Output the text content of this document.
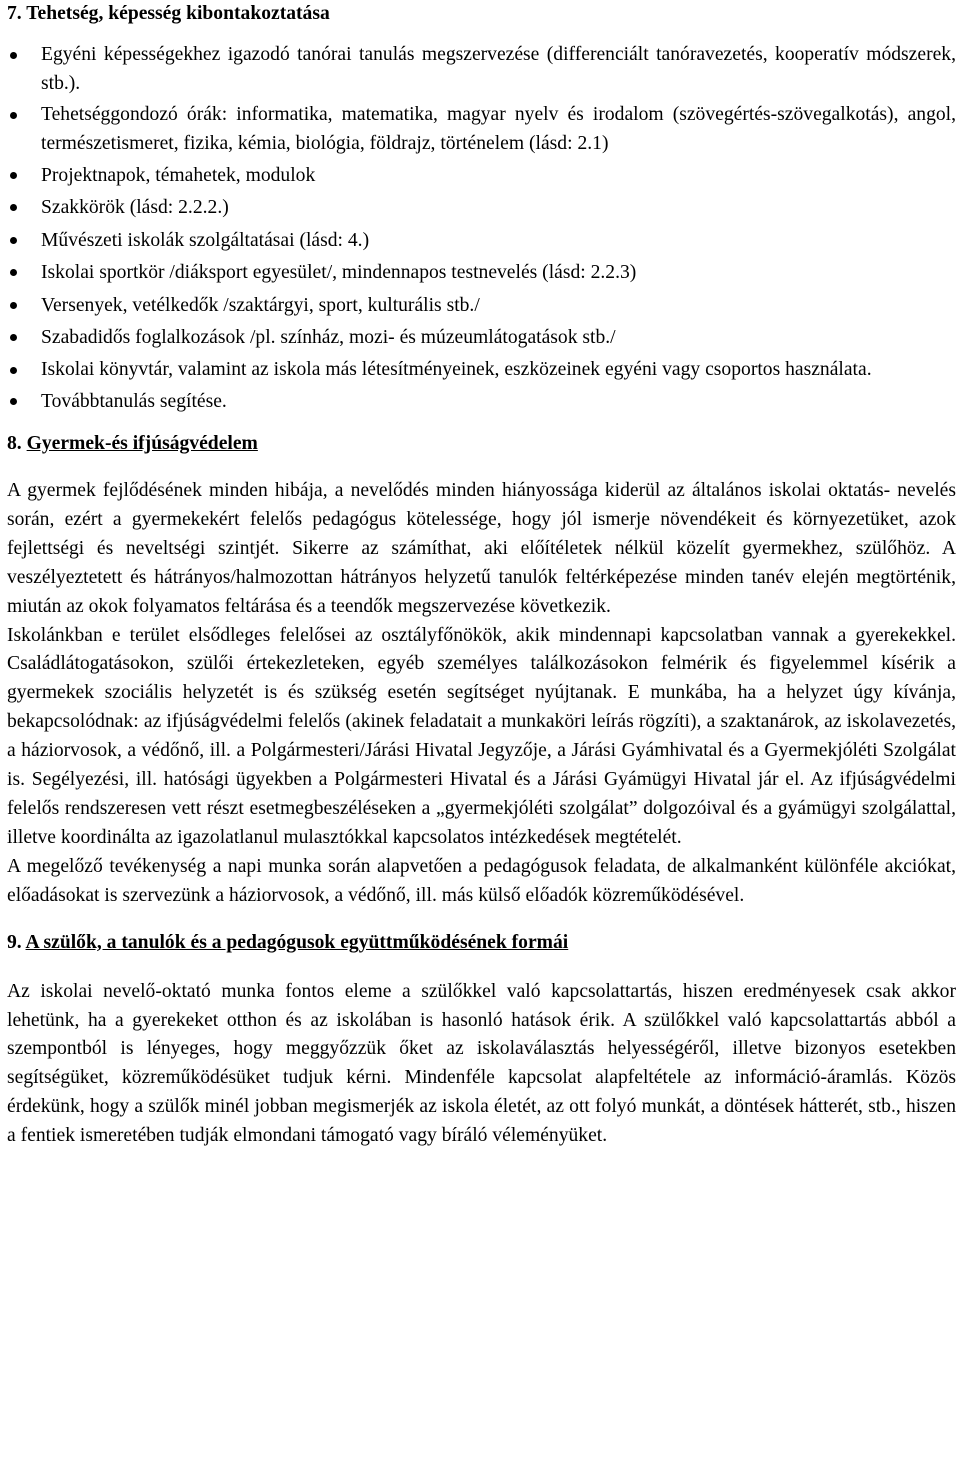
7. Tehetség, képesség kibontakoztatása
Egyéni képességekhez igazodó tanórai tanulás megszervezése (differenciált tanóravezetés, kooperatív módszerek, stb.).
Tehetséggondozó órák: informatika, matematika, magyar nyelv és irodalom (szövegértés-szövegalkotás), angol, természetismeret, fizika, kémia, biológia, földrajz, történelem (lásd: 2.1)
Projektnapok, témahetek, modulok
Szakkörök (lásd: 2.2.2.)
Művészeti iskolák szolgáltatásai (lásd: 4.)
Iskolai sportkör /diáksport egyesület/, mindennapos testnevelés (lásd: 2.2.3)
Versenyek, vetélkedők /szaktárgyi, sport, kulturális stb./
Szabadidős foglalkozások /pl. színház, mozi- és múzeumlátogatások stb./
Iskolai könyvtár, valamint az iskola más létesítményeinek, eszközeinek egyéni vagy csoportos használata.
Továbbtanulás segítése.
8. Gyermek-és ifjúságvédelem

A gyermek fejlődésének minden hibája, a nevelődés minden hiányossága kiderül az általános iskolai oktatás- nevelés során, ezért a gyermekekért felelős pedagógus kötelessége, hogy jól ismerje növendékeit és környezetüket, azok fejlettségi és neveltségi szintjét. Sikerre az számíthat, aki előítéletek nélkül közelít gyermekhez, szülőhöz. A veszélyeztetett és hátrányos/halmozottan hátrányos helyzetű tanulók feltérképezése minden tanév elején megtörténik, miután az okok folyamatos feltárása és a teendők megszervezése következik.

Iskolánkban e terület elsődleges felelősei az osztályfőnökök, akik mindennapi kapcsolatban vannak a gyerekekkel. Családlátogatásokon, szülői értekezleteken, egyéb személyes találkozásokon felmérik és figyelemmel kísérik a gyermekek szociális helyzetét is és szükség esetén segítséget nyújtanak. E munkába, ha a helyzet úgy kívánja, bekapcsolódnak: az ifjúságvédelmi felelős (akinek feladatait a munkaköri leírás rögzíti), a szaktanárok, az iskolavezetés, a háziorvosok, a védőnő, ill. a Polgármesteri/Járási Hivatal Jegyzője, a Járási Gyámhivatal és a Gyermekjóléti Szolgálat is. Segélyezési, ill. hatósági ügyekben a Polgármesteri Hivatal és a Járási Gyámügyi Hivatal jár el. Az ifjúságvédelmi felelős rendszeresen vett részt esetmegbeszéléseken a „gyermekjóléti szolgálat” dolgozóival és a gyámügyi szolgálattal, illetve koordinálta az igazolatlanul mulasztókkal kapcsolatos intézkedések megtételét.

A megelőző tevékenység a napi munka során alapvetően a pedagógusok feladata, de alkalmanként különféle akciókat, előadásokat is szervezünk a háziorvosok, a védőnő, ill. más külső előadók közreműködésével.

9. A szülők, a tanulók és a pedagógusok együttműködésének formái

Az iskolai nevelő-oktató munka fontos eleme a szülőkkel való kapcsolattartás, hiszen eredményesek csak akkor lehetünk, ha a gyerekeket otthon és az iskolában is hasonló hatások érik. A szülőkkel való kapcsolattartás abból a szempontból is lényeges, hogy meggyőzzük őket az iskolaválasztás helyességéről, illetve bizonyos esetekben segítségüket, közreműködésüket tudjuk kérni. Mindenféle kapcsolat alapfeltétele az információ-áramlás. Közös érdekünk, hogy a szülők minél jobban megismerjék az iskola életét, az ott folyó munkát, a döntések hátterét, stb., hiszen a fentiek ismeretében tudják elmondani támogató vagy bíráló véleményüket.
